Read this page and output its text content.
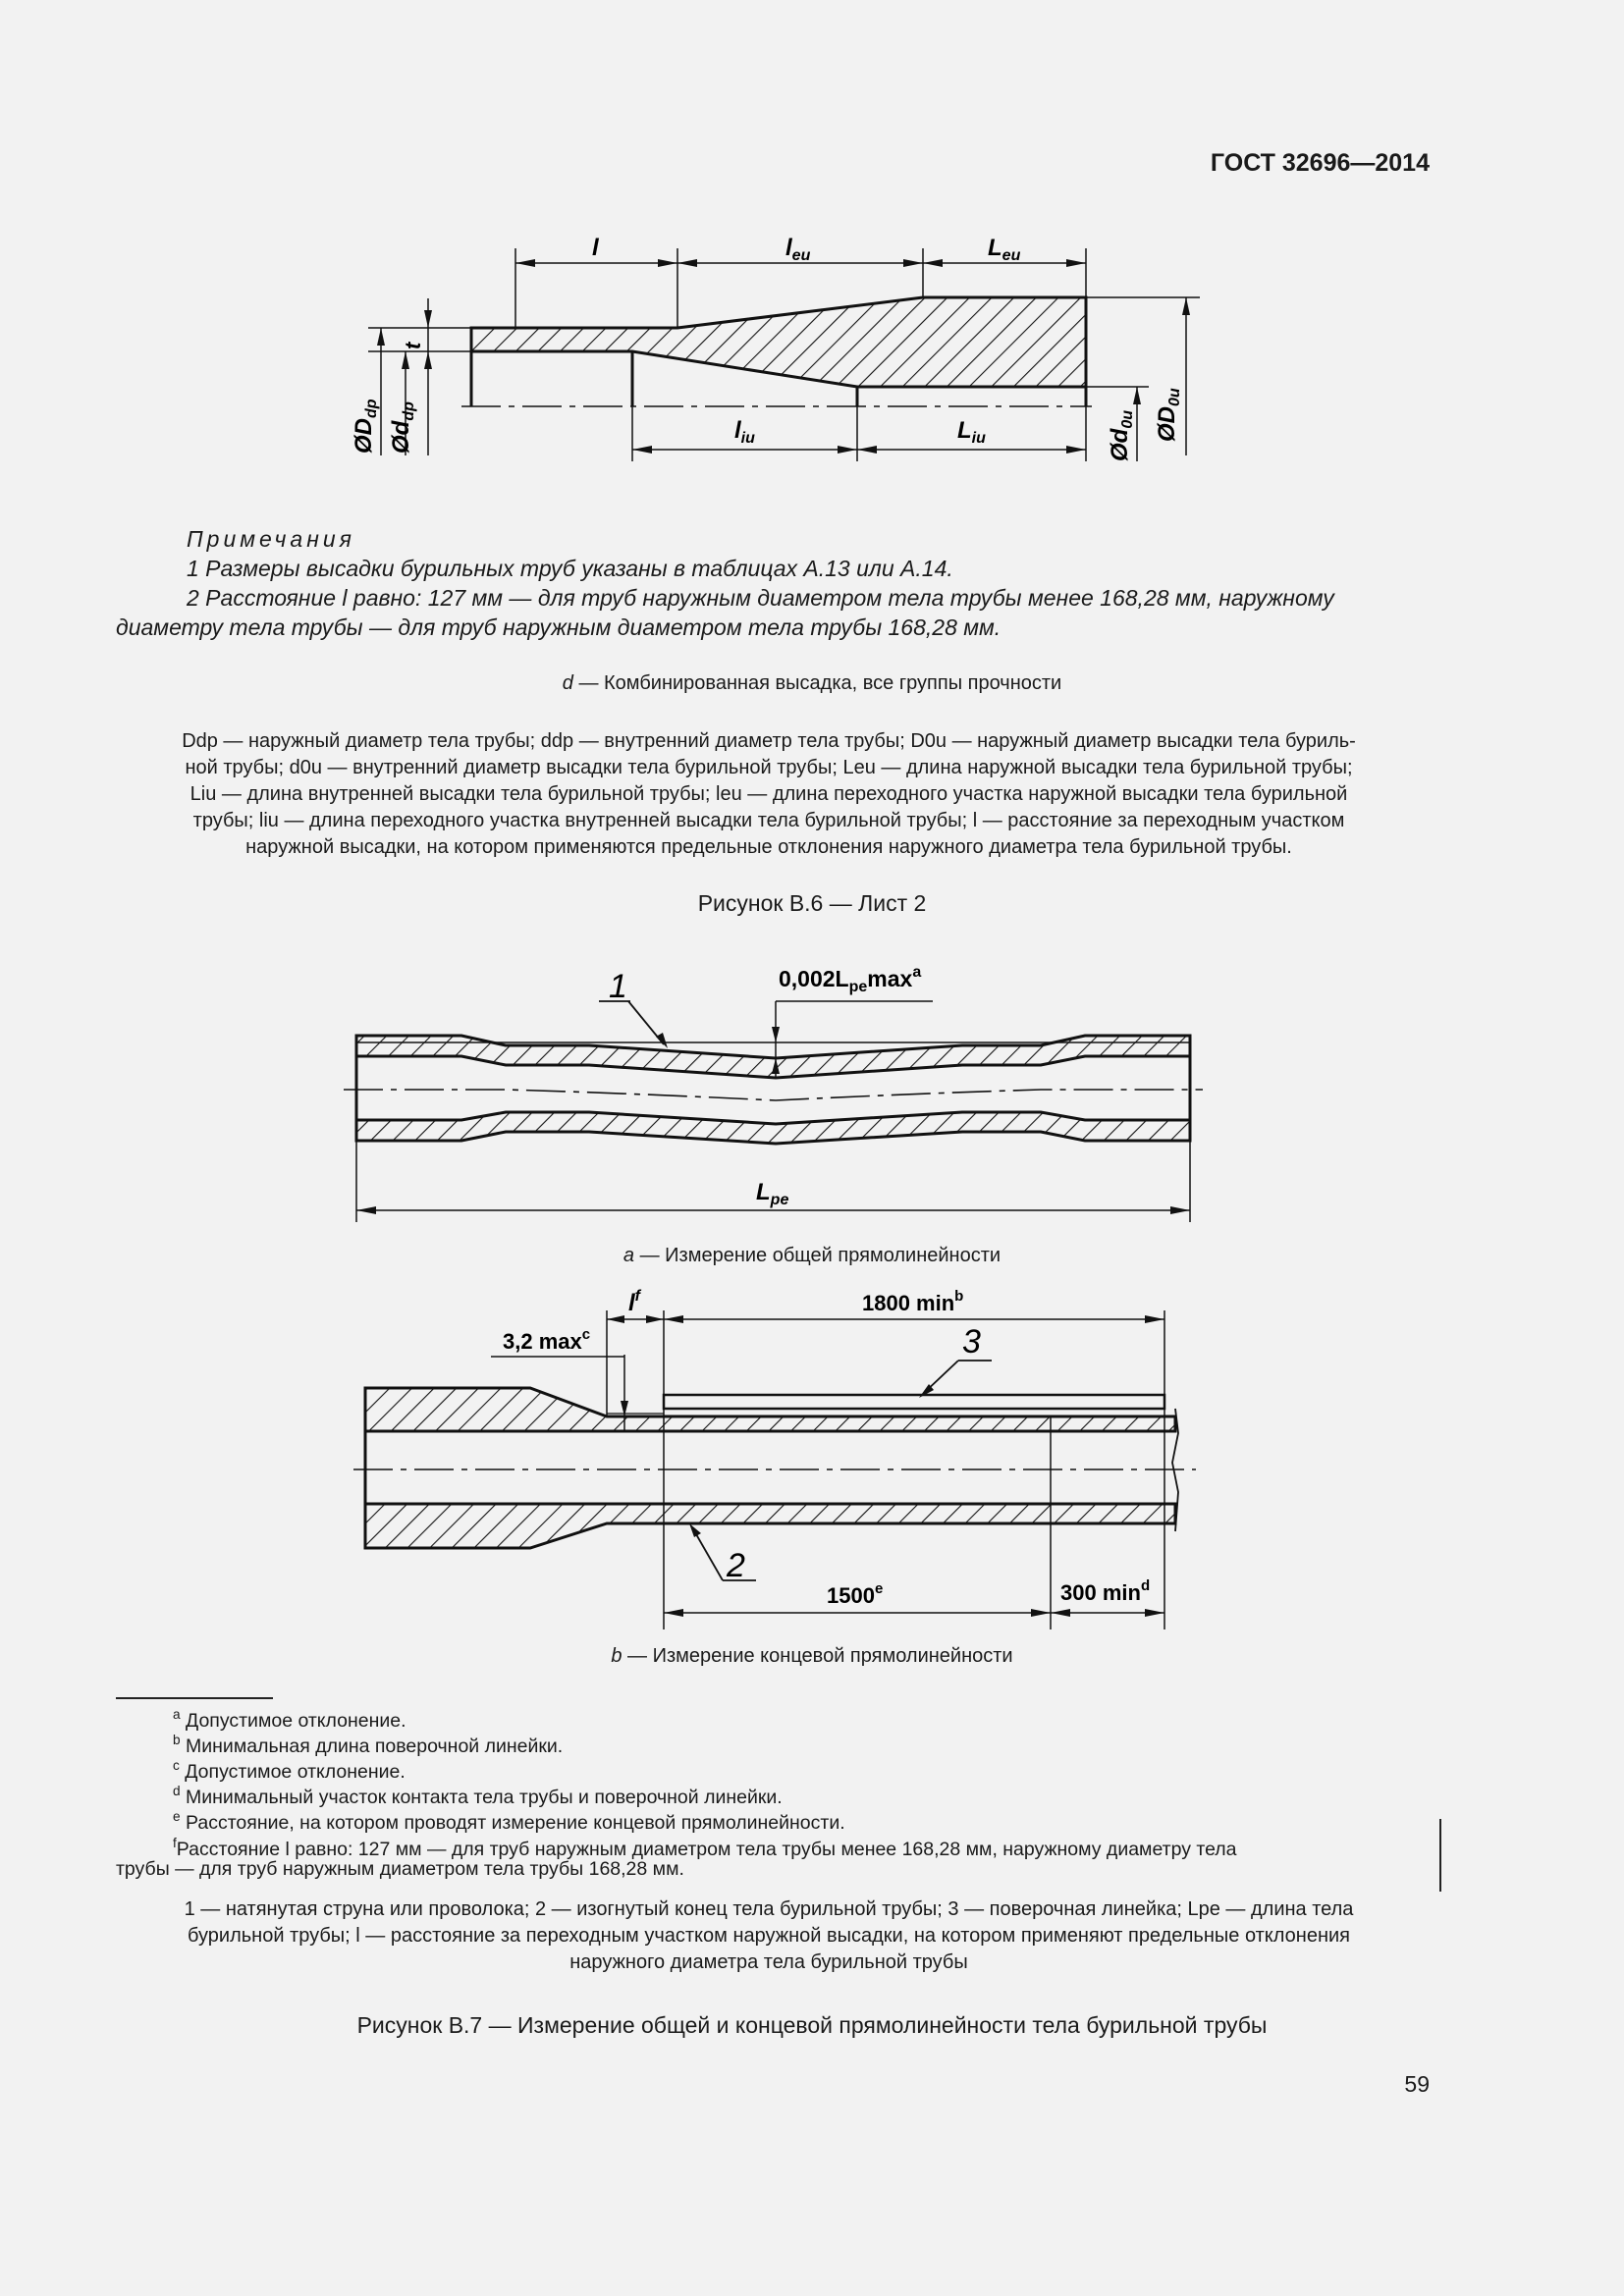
ГОСТ 32696—2014
l	$l_{eu}$	$L_{eu}$
$l_{iu}$	$L_{iu}$
t
$ØD_{dp}$
$Ød_{dp}$
$Ød_{0u}$ $ØD_{0u}$
Примечания
1 Размеры высадки бурильных труб указаны в таблицах А.13 или А.14.
2 Расстояние l равно: 127 мм — для труб наружным диаметром тела трубы менее 168,28 мм, наружному
диаметру тела трубы — для труб наружным диаметром тела трубы 168,28 мм.
d — Комбинированная высадка, все группы прочности
Ddp — наружный диаметр тела трубы; ddp — внутренний диаметр тела трубы; D0u — наружный диаметр высадки тела буриль-
ной трубы; d0u — внутренний диаметр высадки тела бурильной трубы; Leu — длина наружной высадки тела бурильной трубы;
Liu — длина внутренней высадки тела бурильной трубы; leu — длина переходного участка наружной высадки тела бурильной
трубы; liu — длина переходного участка внутренней высадки тела бурильной трубы; l — расстояние за переходным участком
наружной высадки, на котором применяются предельные отклонения наружного диаметра тела бурильной трубы.
Рисунок В.6 — Лист 2
1	$0,002L_{pe}\max^a$
$L_{pe}$
a — Измерение общей прямолинейности
$l^f$
3,2 $\max^c$
1800 $\min^b$
3
2
1500e	300 $\min^d$
b — Измерение концевой прямолинейности
$^a$ Допустимое отклонение.
$^b$ Минимальная длина поверочной линейки.
$^c$ Допустимое отклонение.
$^d$ Минимальный участок контакта тела трубы и поверочной линейки.
$^e$ Расстояние, на котором проводят измерение концевой прямолинейности.
$^f$Расстояние l равно: 127 мм — для труб наружным диаметром тела трубы менее 168,28 мм, наружному диаметру тела
трубы — для труб наружным диаметром тела трубы 168,28 мм.
1 — натянутая струна или проволока; 2 — изогнутый конец тела бурильной трубы; 3 — поверочная линейка; Lpe — длина тела
бурильной трубы; l — расстояние за переходным участком наружной высадки, на котором применяют предельные отклонения
наружного диаметра тела бурильной трубы
Рисунок В.7 — Измерение общей и концевой прямолинейности тела бурильной трубы
59
